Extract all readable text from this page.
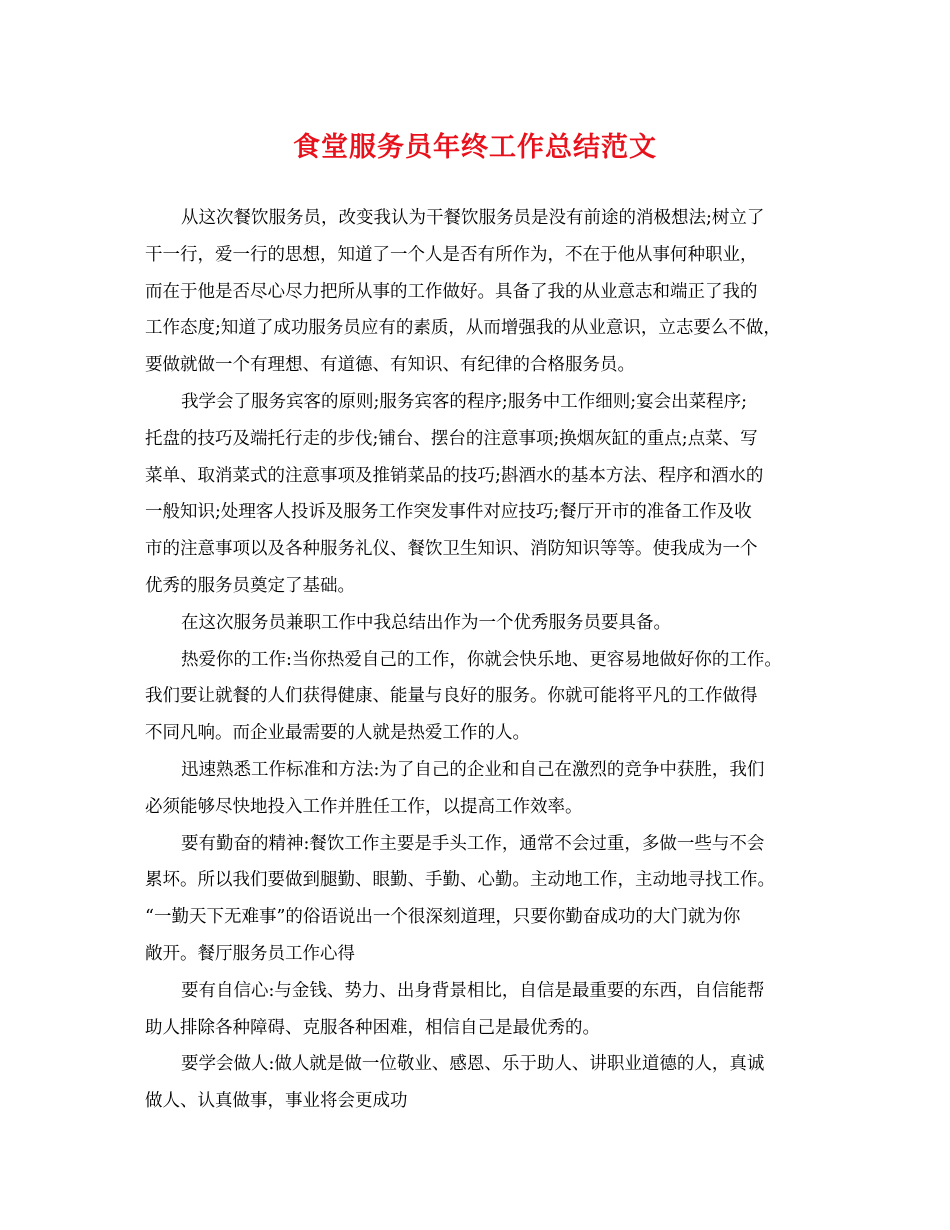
食堂服务员年终工作总结范文
从这次餐饮服务员，改变我认为干餐饮服务员是没有前途的消极想法;树立了
干一行，爱一行的思想，知道了一个人是否有所作为，不在于他从事何种职业，
而在于他是否尽心尽力把所从事的工作做好。具备了我的从业意志和端正了我的
工作态度;知道了成功服务员应有的素质，从而增强我的从业意识，立志要么不做，
要做就做一个有理想、有道德、有知识、有纪律的合格服务员。
我学会了服务宾客的原则;服务宾客的程序;服务中工作细则;宴会出菜程序;
托盘的技巧及端托行走的步伐;铺台、摆台的注意事项;换烟灰缸的重点;点菜、写
菜单、取消菜式的注意事项及推销菜品的技巧;斟酒水的基本方法、程序和酒水的
一般知识;处理客人投诉及服务工作突发事件对应技巧;餐厅开市的准备工作及收
市的注意事项以及各种服务礼仪、餐饮卫生知识、消防知识等等。使我成为一个
优秀的服务员奠定了基础。
在这次服务员兼职工作中我总结出作为一个优秀服务员要具备。
热爱你的工作:当你热爱自己的工作，你就会快乐地、更容易地做好你的工作。
我们要让就餐的人们获得健康、能量与良好的服务。你就可能将平凡的工作做得
不同凡响。而企业最需要的人就是热爱工作的人。
迅速熟悉工作标准和方法:为了自己的企业和自己在激烈的竞争中获胜，我们
必须能够尽快地投入工作并胜任工作，以提高工作效率。
要有勤奋的精神:餐饮工作主要是手头工作，通常不会过重，多做一些与不会
累坏。所以我们要做到腿勤、眼勤、手勤、心勤。主动地工作，主动地寻找工作。
“一勤天下无难事”的俗语说出一个很深刻道理，只要你勤奋成功的大门就为你
敞开。餐厅服务员工作心得
要有自信心:与金钱、势力、出身背景相比，自信是最重要的东西，自信能帮
助人排除各种障碍、克服各种困难，相信自己是最优秀的。
要学会做人:做人就是做一位敬业、感恩、乐于助人、讲职业道德的人，真诚
做人、认真做事，事业将会更成功
